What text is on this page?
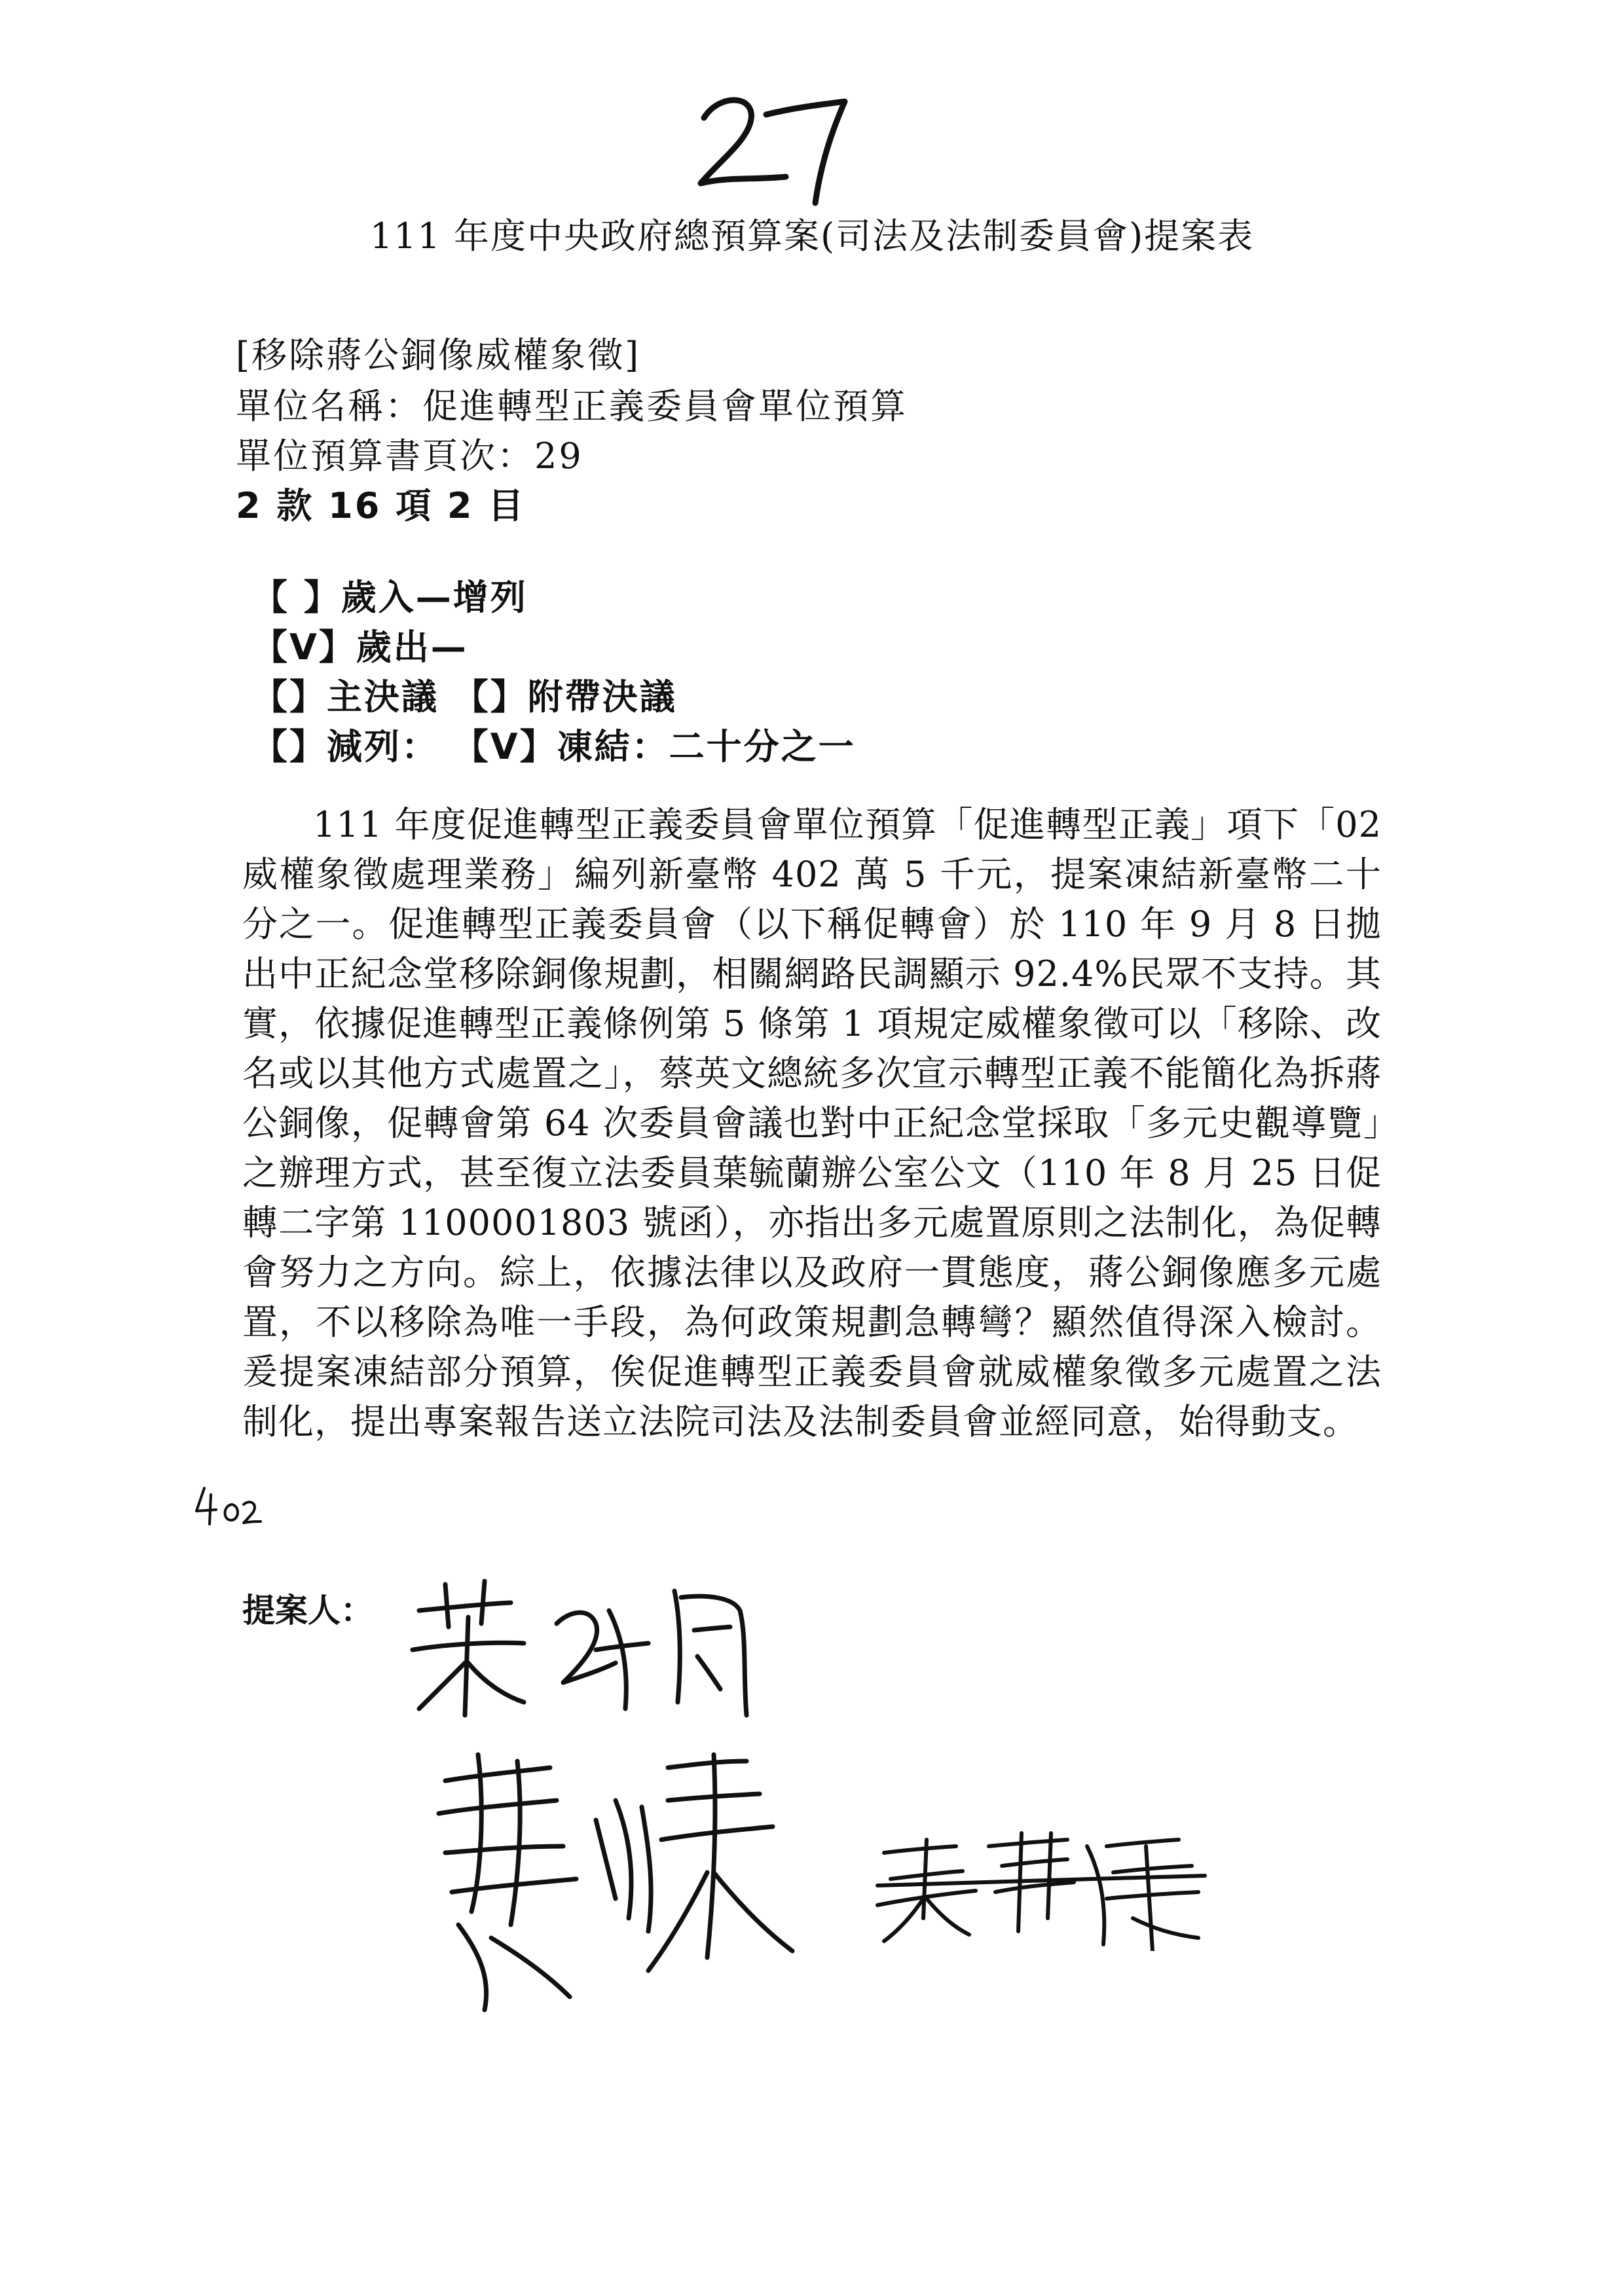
111 年度中央政府總預算案(司法及法制委員會)提案表
[移除蔣公銅像威權象徵]
單位名稱：促進轉型正義委員會單位預算
單位預算書頁次：29
2 款 16 項 2 目
【 】歲入—增列
【V】歲出—
【】主決議 【】附帶決議
【】減列： 【V】凍結：二十分之一
111 年度促進轉型正義委員會單位預算「促進轉型正義」項下「02 威權象徵處理業務」編列新臺幣 402 萬 5 千元，提案凍結新臺幣二十分之一。促進轉型正義委員會（以下稱促轉會）於 110 年 9 月 8 日拋出中正紀念堂移除銅像規劃，相關網路民調顯示 92.4%民眾不支持。其實，依據促進轉型正義條例第 5 條第 1 項規定威權象徵可以「移除、改名或以其他方式處置之」，蔡英文總統多次宣示轉型正義不能簡化為拆蔣公銅像，促轉會第 64 次委員會議也對中正紀念堂採取「多元史觀導覽」之辦理方式，甚至復立法委員葉毓蘭辦公室公文（110 年 8 月 25 日促轉二字第 1100001803 號函），亦指出多元處置原則之法制化，為促轉會努力之方向。綜上，依據法律以及政府一貫態度，蔣公銅像應多元處置，不以移除為唯一手段，為何政策規劃急轉彎？顯然值得深入檢討。爰提案凍結部分預算，俟促進轉型正義委員會就威權象徵多元處置之法制化，提出專案報告送立法院司法及法制委員會並經同意，始得動支。
提案人：
